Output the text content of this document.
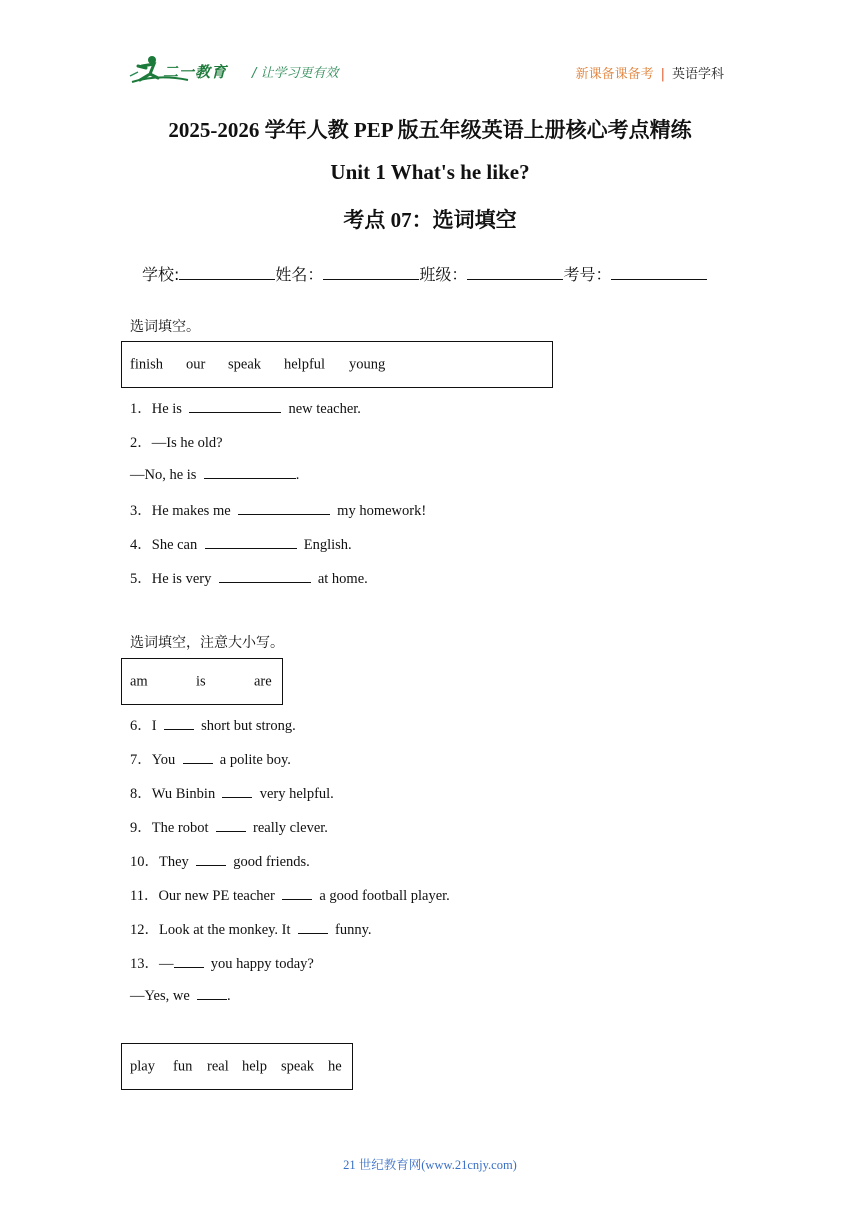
二一教育 / 让学习更有效	新课备课备考 | 英语学科
2025-2026 学年人教 PEP 版五年级英语上册核心考点精练
Unit 1 What's he like?
考点 07：选词填空
学校:	姓名：	班级：	考号：
选词填空。
finish our speak helpful young
1．He is	new teacher.
2．—Is he old?
—No, he is	.
3．He makes me	my homework!
4．She can	English.
5．He is very	at home.
选词填空，注意大小写。
am	is	are
6．I	short but strong.
7．You	a polite boy.
8．Wu Binbin	very helpful.
9．The robot	really clever.
10．They	good friends.
11．Our new PE teacher	a good football player.
12．Look at the monkey. It	funny.
13．—	you happy today?
—Yes, we	.
play fun real help speak he
21 世纪教育网(www.21cnjy.com)
